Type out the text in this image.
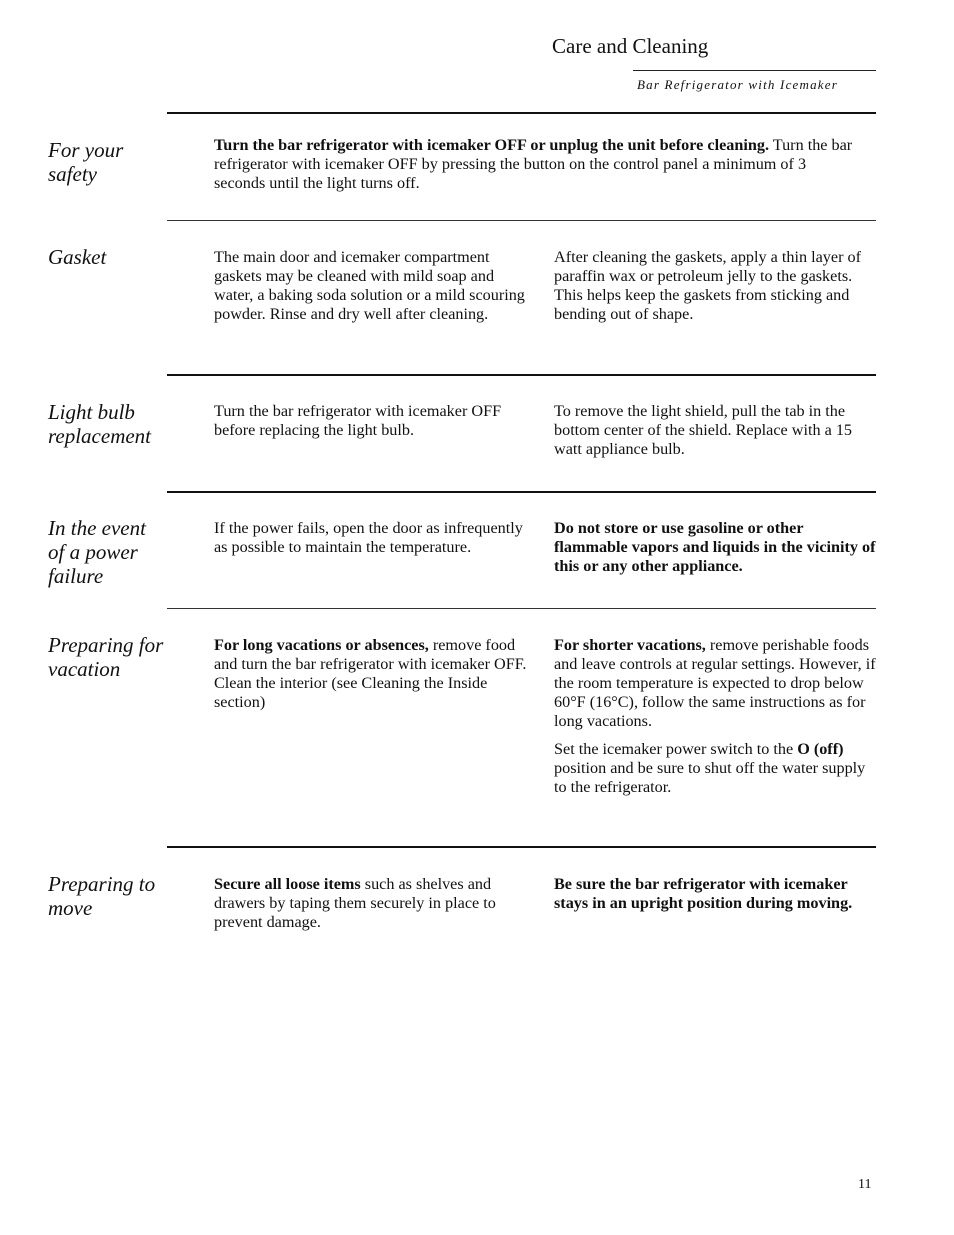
Care and Cleaning
Bar Refrigerator with Icemaker
For your safety
Turn the bar refrigerator with icemaker OFF or unplug the unit before cleaning. Turn the bar refrigerator with icemaker OFF by pressing the button on the control panel a minimum of 3 seconds until the light turns off.
Gasket	The main door and icemaker compartment gaskets may be cleaned with mild soap and water, a baking soda solution or a mild scouring powder. Rinse and dry well after cleaning.
After cleaning the gaskets, apply a thin layer of paraffin wax or petroleum jelly to the gaskets. This helps keep the gaskets from sticking and bending out of shape.
Light bulb replacement
Turn the bar refrigerator with icemaker OFF before replacing the light bulb.
To remove the light shield, pull the tab in the bottom center of the shield. Replace with a 15 watt appliance bulb.
In the event of a power failure
If the power fails, open the door as infrequently as possible to maintain the temperature.
Do not store or use gasoline or other flammable vapors and liquids in the vicinity of this or any other appliance.
Preparing for vacation
For long vacations or absences, remove food and turn the bar refrigerator with icemaker OFF. Clean the interior (see Cleaning the Inside section)

For shorter vacations, remove perishable foods and leave controls at regular settings. However, if the room temperature is expected to drop below 60°F (16°C), follow the same instructions as for long vacations.

Set the icemaker power switch to the O (off) position and be sure to shut off the water supply to the refrigerator.

Preparing to move
Secure all loose items such as shelves and drawers by taping them securely in place to prevent damage.
Be sure the bar refrigerator with icemaker stays in an upright position during moving.
11
